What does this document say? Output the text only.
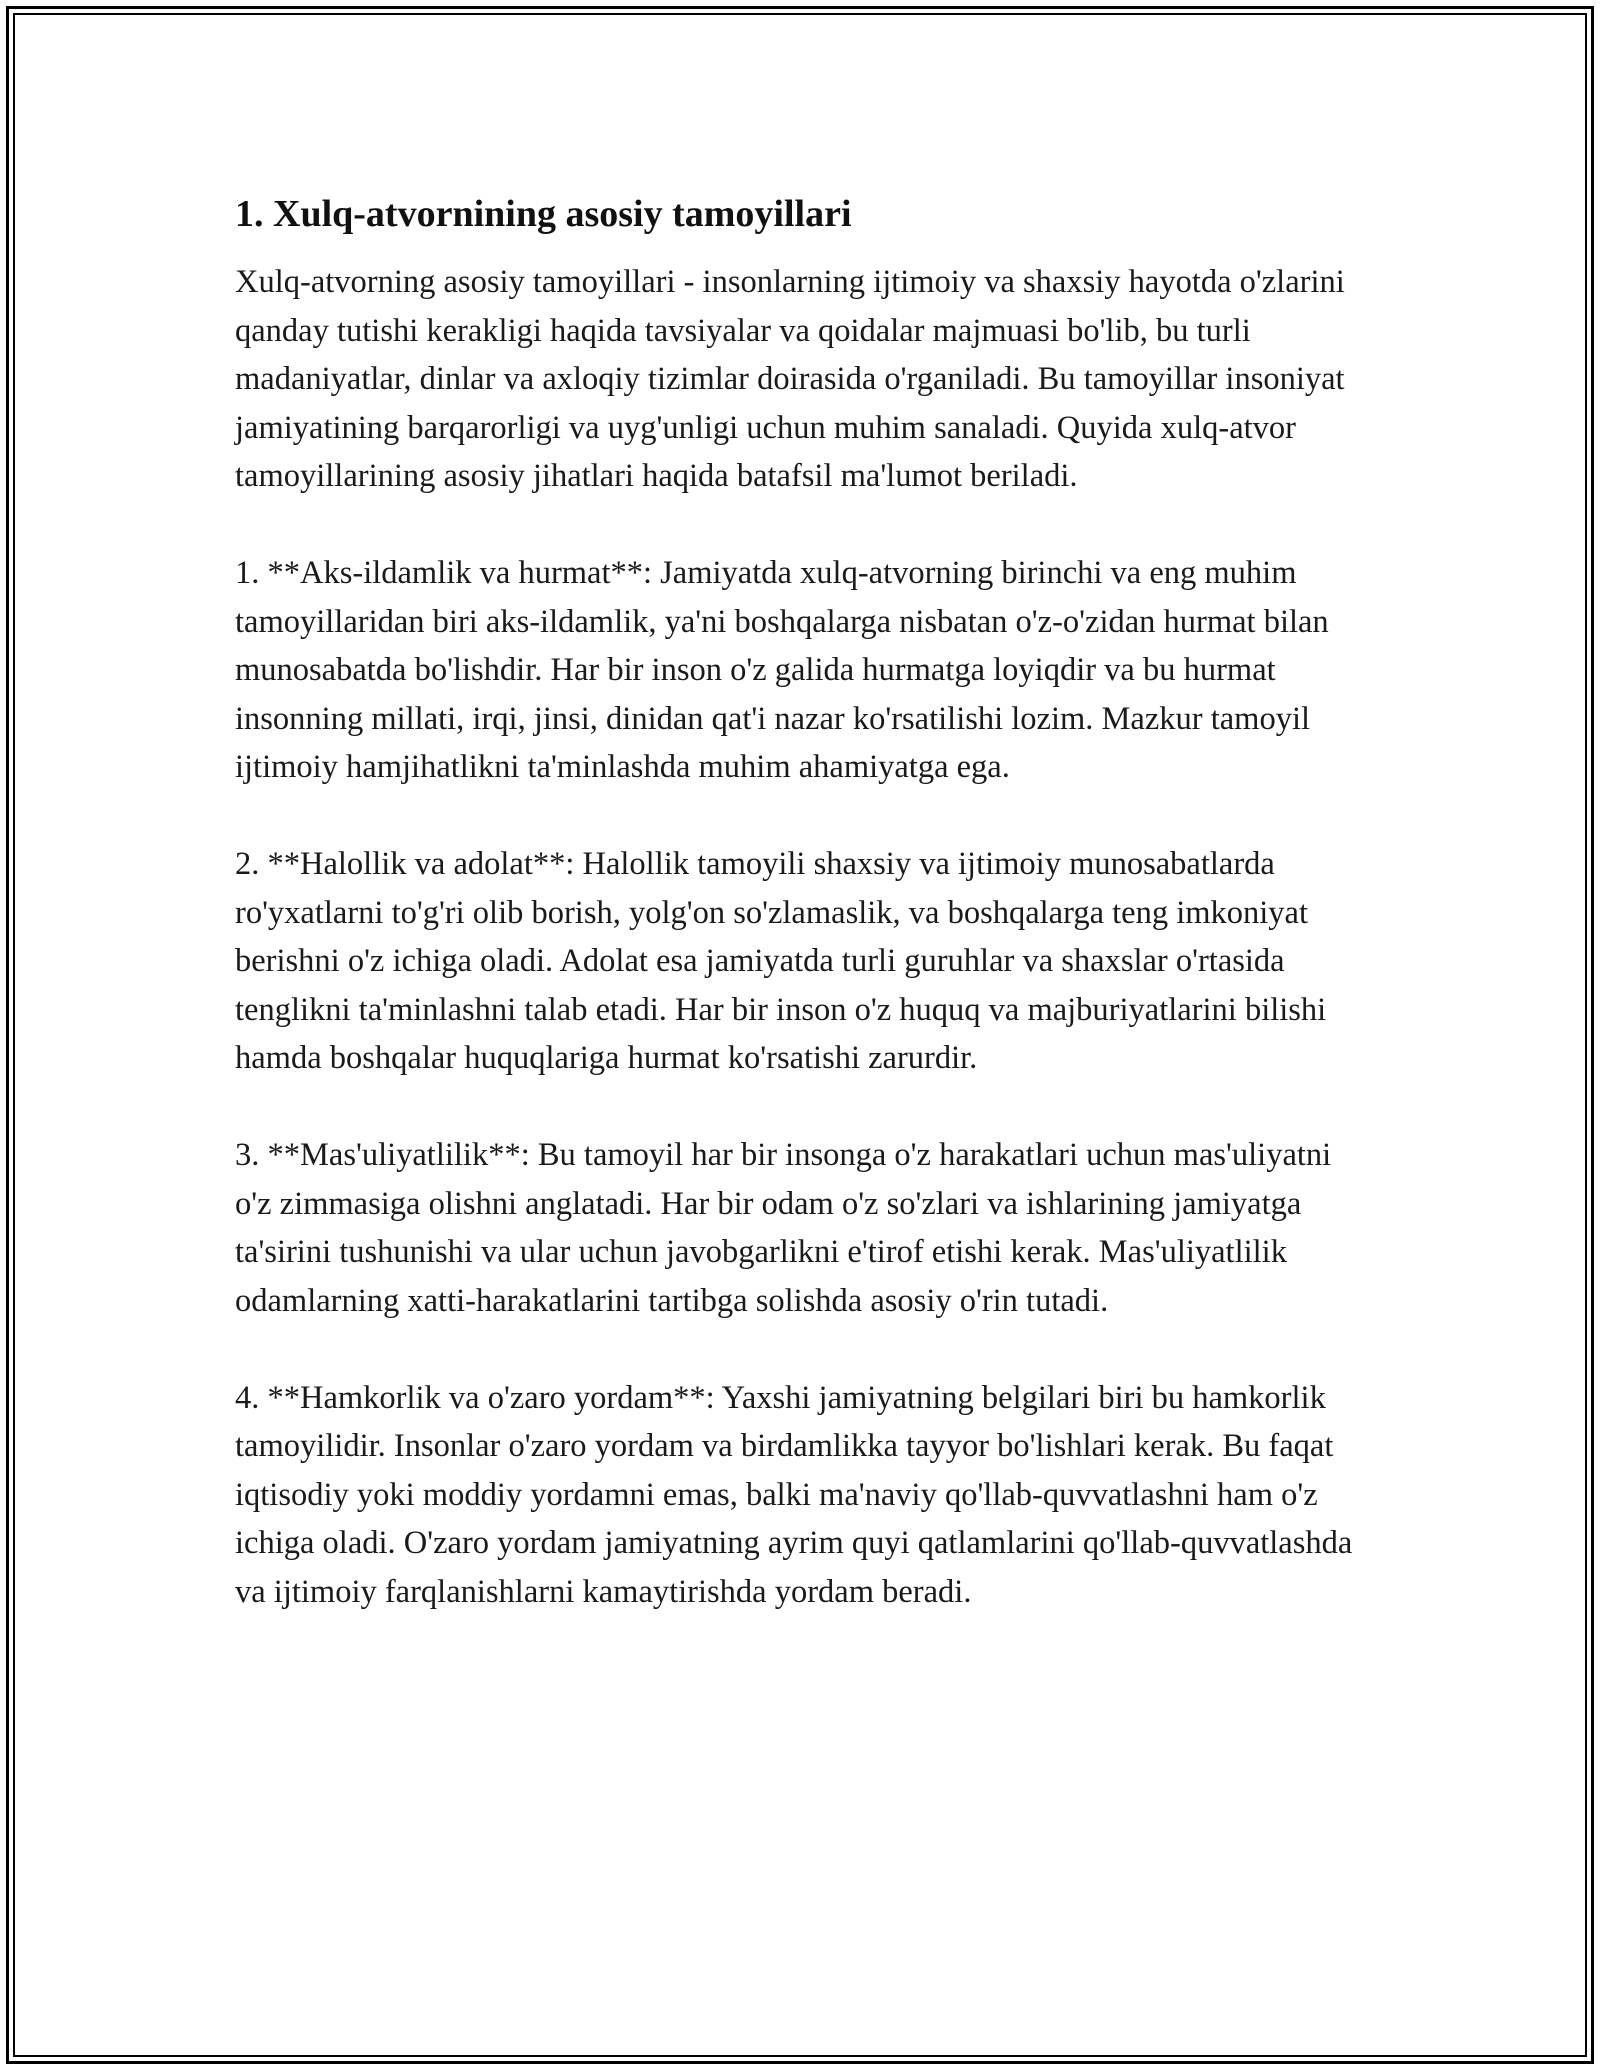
1. Xulq-atvornining asosiy tamoyillari

Xulq-atvorning asosiy tamoyillari - insonlarning ijtimoiy va shaxsiy hayotda o'zlarini qanday tutishi kerakligi haqida tavsiyalar va qoidalar majmuasi bo'lib, bu turli madaniyatlar, dinlar va axloqiy tizimlar doirasida o'rganiladi. Bu tamoyillar insoniyat jamiyatining barqarorligi va uyg'unligi uchun muhim sanaladi. Quyida xulq-atvor tamoyillarining asosiy jihatlari haqida batafsil ma'lumot beriladi.

1. **Aks-ildamlik va hurmat**: Jamiyatda xulq-atvorning birinchi va eng muhim tamoyillaridan biri aks-ildamlik, ya'ni boshqalarga nisbatan o'z-o'zidan hurmat bilan munosabatda bo'lishdir. Har bir inson o'z galida hurmatga loyiqdir va bu hurmat insonning millati, irqi, jinsi, dinidan qat'i nazar ko'rsatilishi lozim. Mazkur tamoyil ijtimoiy hamjihatlikni ta'minlashda muhim ahamiyatga ega.

2. **Halollik va adolat**: Halollik tamoyili shaxsiy va ijtimoiy munosabatlarda ro'yxatlarni to'g'ri olib borish, yolg'on so'zlamaslik, va boshqalarga teng imkoniyat berishni o'z ichiga oladi. Adolat esa jamiyatda turli guruhlar va shaxslar o'rtasida tenglikni ta'minlashni talab etadi. Har bir inson o'z huquq va majburiyatlarini bilishi hamda boshqalar huquqlariga hurmat ko'rsatishi zarurdir.

3. **Mas'uliyatlilik**: Bu tamoyil har bir insonga o'z harakatlari uchun mas'uliyatni o'z zimmasiga olishni anglatadi. Har bir odam o'z so'zlari va ishlarining jamiyatga ta'sirini tushunishi va ular uchun javobgarlikni e'tirof etishi kerak. Mas'uliyatlilik odamlarning xatti-harakatlarini tartibga solishda asosiy o'rin tutadi.

4. **Hamkorlik va o'zaro yordam**: Yaxshi jamiyatning belgilari biri bu hamkorlik tamoyilidir. Insonlar o'zaro yordam va birdamlikka tayyor bo'lishlari kerak. Bu faqat iqtisodiy yoki moddiy yordamni emas, balki ma'naviy qo'llab-quvvatlashni ham o'z ichiga oladi. O'zaro yordam jamiyatning ayrim quyi qatlamlarini qo'llab-quvvatlashda va ijtimoiy farqlanishlarni kamaytirishda yordam beradi.
